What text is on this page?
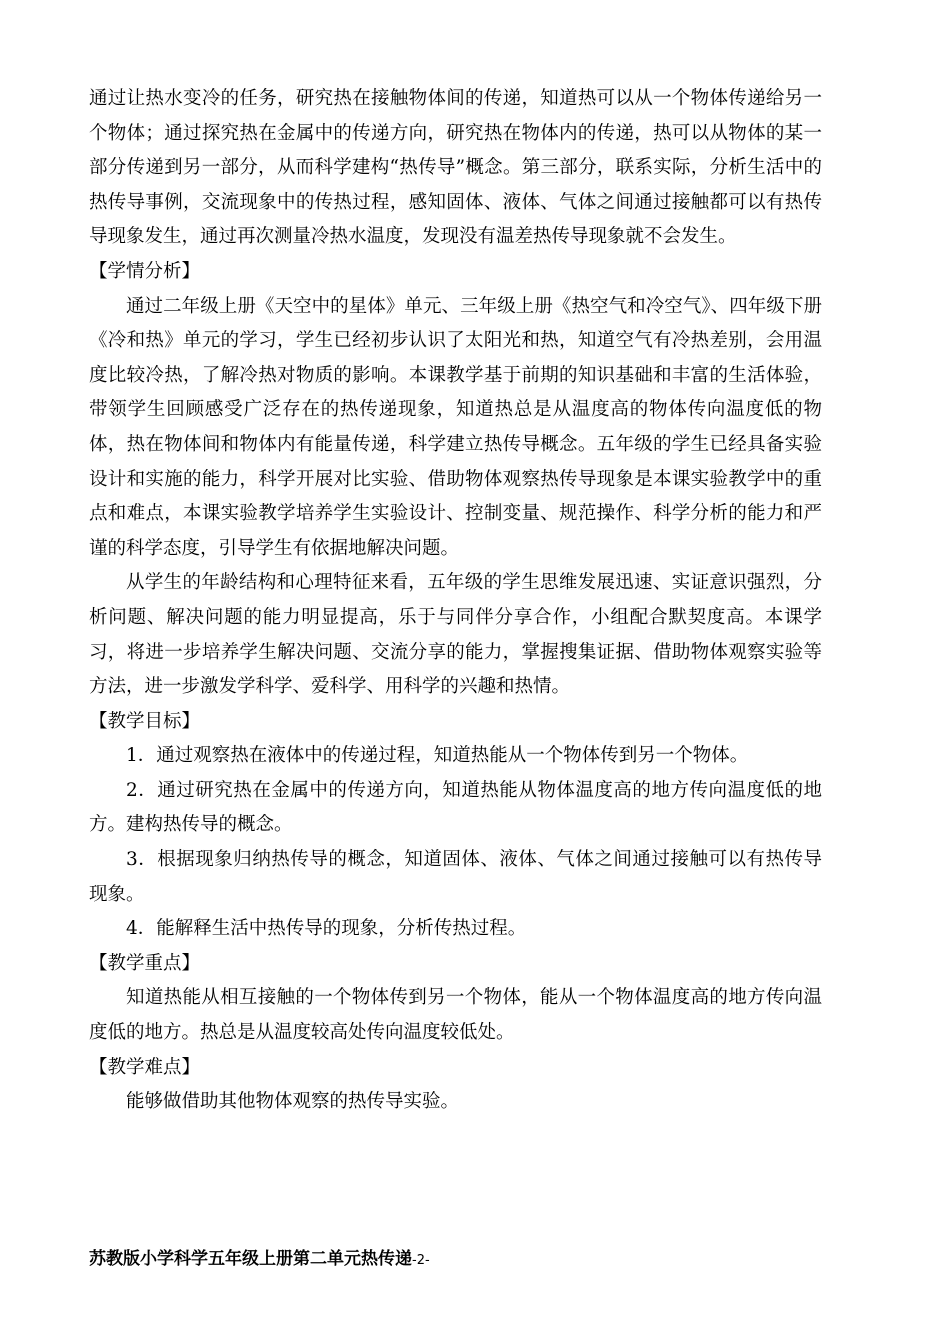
通过让热水变冷的任务，研究热在接触物体间的传递，知道热可以从一个物体传递给另一个物体；通过探究热在金属中的传递方向，研究热在物体内的传递，热可以从物体的某一部分传递到另一部分，从而科学建构“热传导”概念。第三部分，联系实际，分析生活中的热传导事例，交流现象中的传热过程，感知固体、液体、气体之间通过接触都可以有热传导现象发生，通过再次测量冷热水温度，发现没有温差热传导现象就不会发生。

【学情分析】

通过二年级上册《天空中的星体》单元、三年级上册《热空气和冷空气》、四年级下册《冷和热》单元的学习，学生已经初步认识了太阳光和热，知道空气有冷热差别，会用温度比较冷热，了解冷热对物质的影响。本课教学基于前期的知识基础和丰富的生活体验，带领学生回顾感受广泛存在的热传递现象，知道热总是从温度高的物体传向温度低的物体，热在物体间和物体内有能量传递，科学建立热传导概念。五年级的学生已经具备实验设计和实施的能力，科学开展对比实验、借助物体观察热传导现象是本课实验教学中的重点和难点，本课实验教学培养学生实验设计、控制变量、规范操作、科学分析的能力和严谨的科学态度，引导学生有依据地解决问题。

从学生的年龄结构和心理特征来看，五年级的学生思维发展迅速、实证意识强烈，分析问题、解决问题的能力明显提高，乐于与同伴分享合作，小组配合默契度高。本课学习，将进一步培养学生解决问题、交流分享的能力，掌握搜集证据、借助物体观察实验等方法，进一步激发学科学、爱科学、用科学的兴趣和热情。

【教学目标】

1．通过观察热在液体中的传递过程，知道热能从一个物体传到另一个物体。

2．通过研究热在金属中的传递方向，知道热能从物体温度高的地方传向温度低的地方。建构热传导的概念。

3．根据现象归纳热传导的概念，知道固体、液体、气体之间通过接触可以有热传导现象。

4．能解释生活中热传导的现象，分析传热过程。

【教学重点】

知道热能从相互接触的一个物体传到另一个物体，能从一个物体温度高的地方传向温度低的地方。热总是从温度较高处传向温度较低处。

【教学难点】

能够做借助其他物体观察的热传导实验。

苏教版小学科学五年级上册第二单元热传递-2-
